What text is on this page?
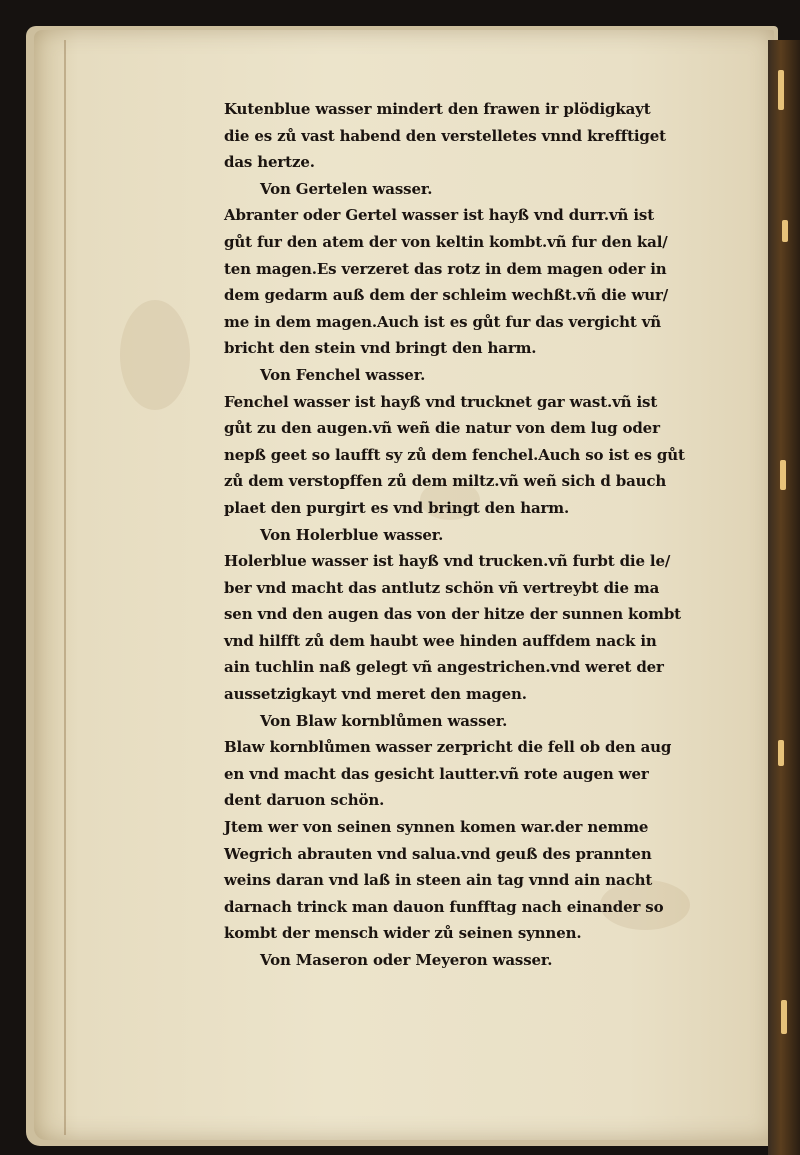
Kutenblue wasser mindert den frawen ir plödigkayt
die es zů vast habend den verstelletes vnnd krefftiget
das hertze.
Von Gertelen wasser.
Abranter oder Gertel wasser ist hayß vnd durr.vñ ist
gůt fur den atem der von keltin kombt.vñ fur den kal/
ten magen.Es verzeret das rotz in dem magen oder in
dem gedarm auß dem der schleim wechßt.vñ die wur/
me in dem magen.Auch ist es gůt fur das vergicht vñ
bricht den stein vnd bringt den harm.
Von Fenchel wasser.
Fenchel wasser ist hayß vnd trucknet gar wast.vñ ist
gůt zu den augen.vñ weñ die natur von dem lug oder
nepß geet so laufft sy zů dem fenchel.Auch so ist es gůt
zů dem verstopffen zů dem miltz.vñ weñ sich d bauch
plaet den purgirt es vnd bringt den harm.
Von Holerblue wasser.
Holerblue wasser ist hayß vnd trucken.vñ furbt die le/
ber vnd macht das antlutz schön vñ vertreybt die ma
sen vnd den augen das von der hitze der sunnen kombt
vnd hilfft zů dem haubt wee hinden auffdem nack in
ain tuchlin naß gelegt vñ angestrichen.vnd weret der
aussetzigkayt vnd meret den magen.
Von Blaw kornblůmen wasser.
Blaw kornblůmen wasser zerpricht die fell ob den aug
en vnd macht das gesicht lautter.vñ rote augen wer
dent daruon schön.
Jtem wer von seinen synnen komen war.der nemme
Wegrich abrauten vnd salua.vnd geuß des prannten
weins daran vnd laß in steen ain tag vnnd ain nacht
darnach trinck man dauon funfftag nach einander so
kombt der mensch wider zů seinen synnen.
Von Maseron oder Meyeron wasser.
